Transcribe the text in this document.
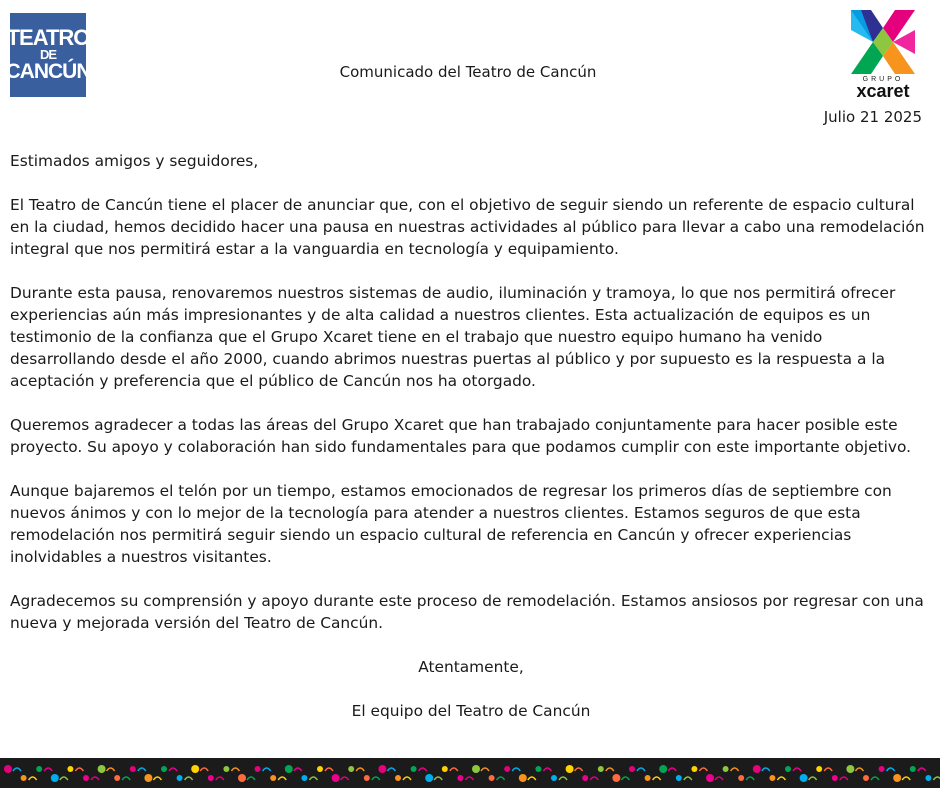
TEATRO
DE
CANCÚN	Comunicado del Teatro de Cancún	GRUPO
xcaret
Julio 21 2025

Estimados amigos y seguidores,

El Teatro de Cancún tiene el placer de anunciar que, con el objetivo de seguir siendo un referente de espacio cultural en la ciudad, hemos decidido hacer una pausa en nuestras actividades al público para llevar a cabo una remodelación integral que nos permitirá estar a la vanguardia en tecnología y equipamiento.

Durante esta pausa, renovaremos nuestros sistemas de audio, iluminación y tramoya, lo que nos permitirá ofrecer experiencias aún más impresionantes y de alta calidad a nuestros clientes. Esta actualización de equipos es un testimonio de la confianza que el Grupo Xcaret tiene en el trabajo que nuestro equipo humano ha venido desarrollando desde el año 2000, cuando abrimos nuestras puertas al público y por supuesto es la respuesta a la aceptación y preferencia que el público de Cancún nos ha otorgado.

Queremos agradecer a todas las áreas del Grupo Xcaret que han trabajado conjuntamente para hacer posible este proyecto. Su apoyo y colaboración han sido fundamentales para que podamos cumplir con este importante objetivo.

Aunque bajaremos el telón por un tiempo, estamos emocionados de regresar los primeros días de septiembre con nuevos ánimos y con lo mejor de la tecnología para atender a nuestros clientes. Estamos seguros de que esta remodelación nos permitirá seguir siendo un espacio cultural de referencia en Cancún y ofrecer experiencias inolvidables a nuestros visitantes.

Agradecemos su comprensión y apoyo durante este proceso de remodelación. Estamos ansiosos por regresar con una nueva y mejorada versión del Teatro de Cancún.

Atentamente,

El equipo del Teatro de Cancún
